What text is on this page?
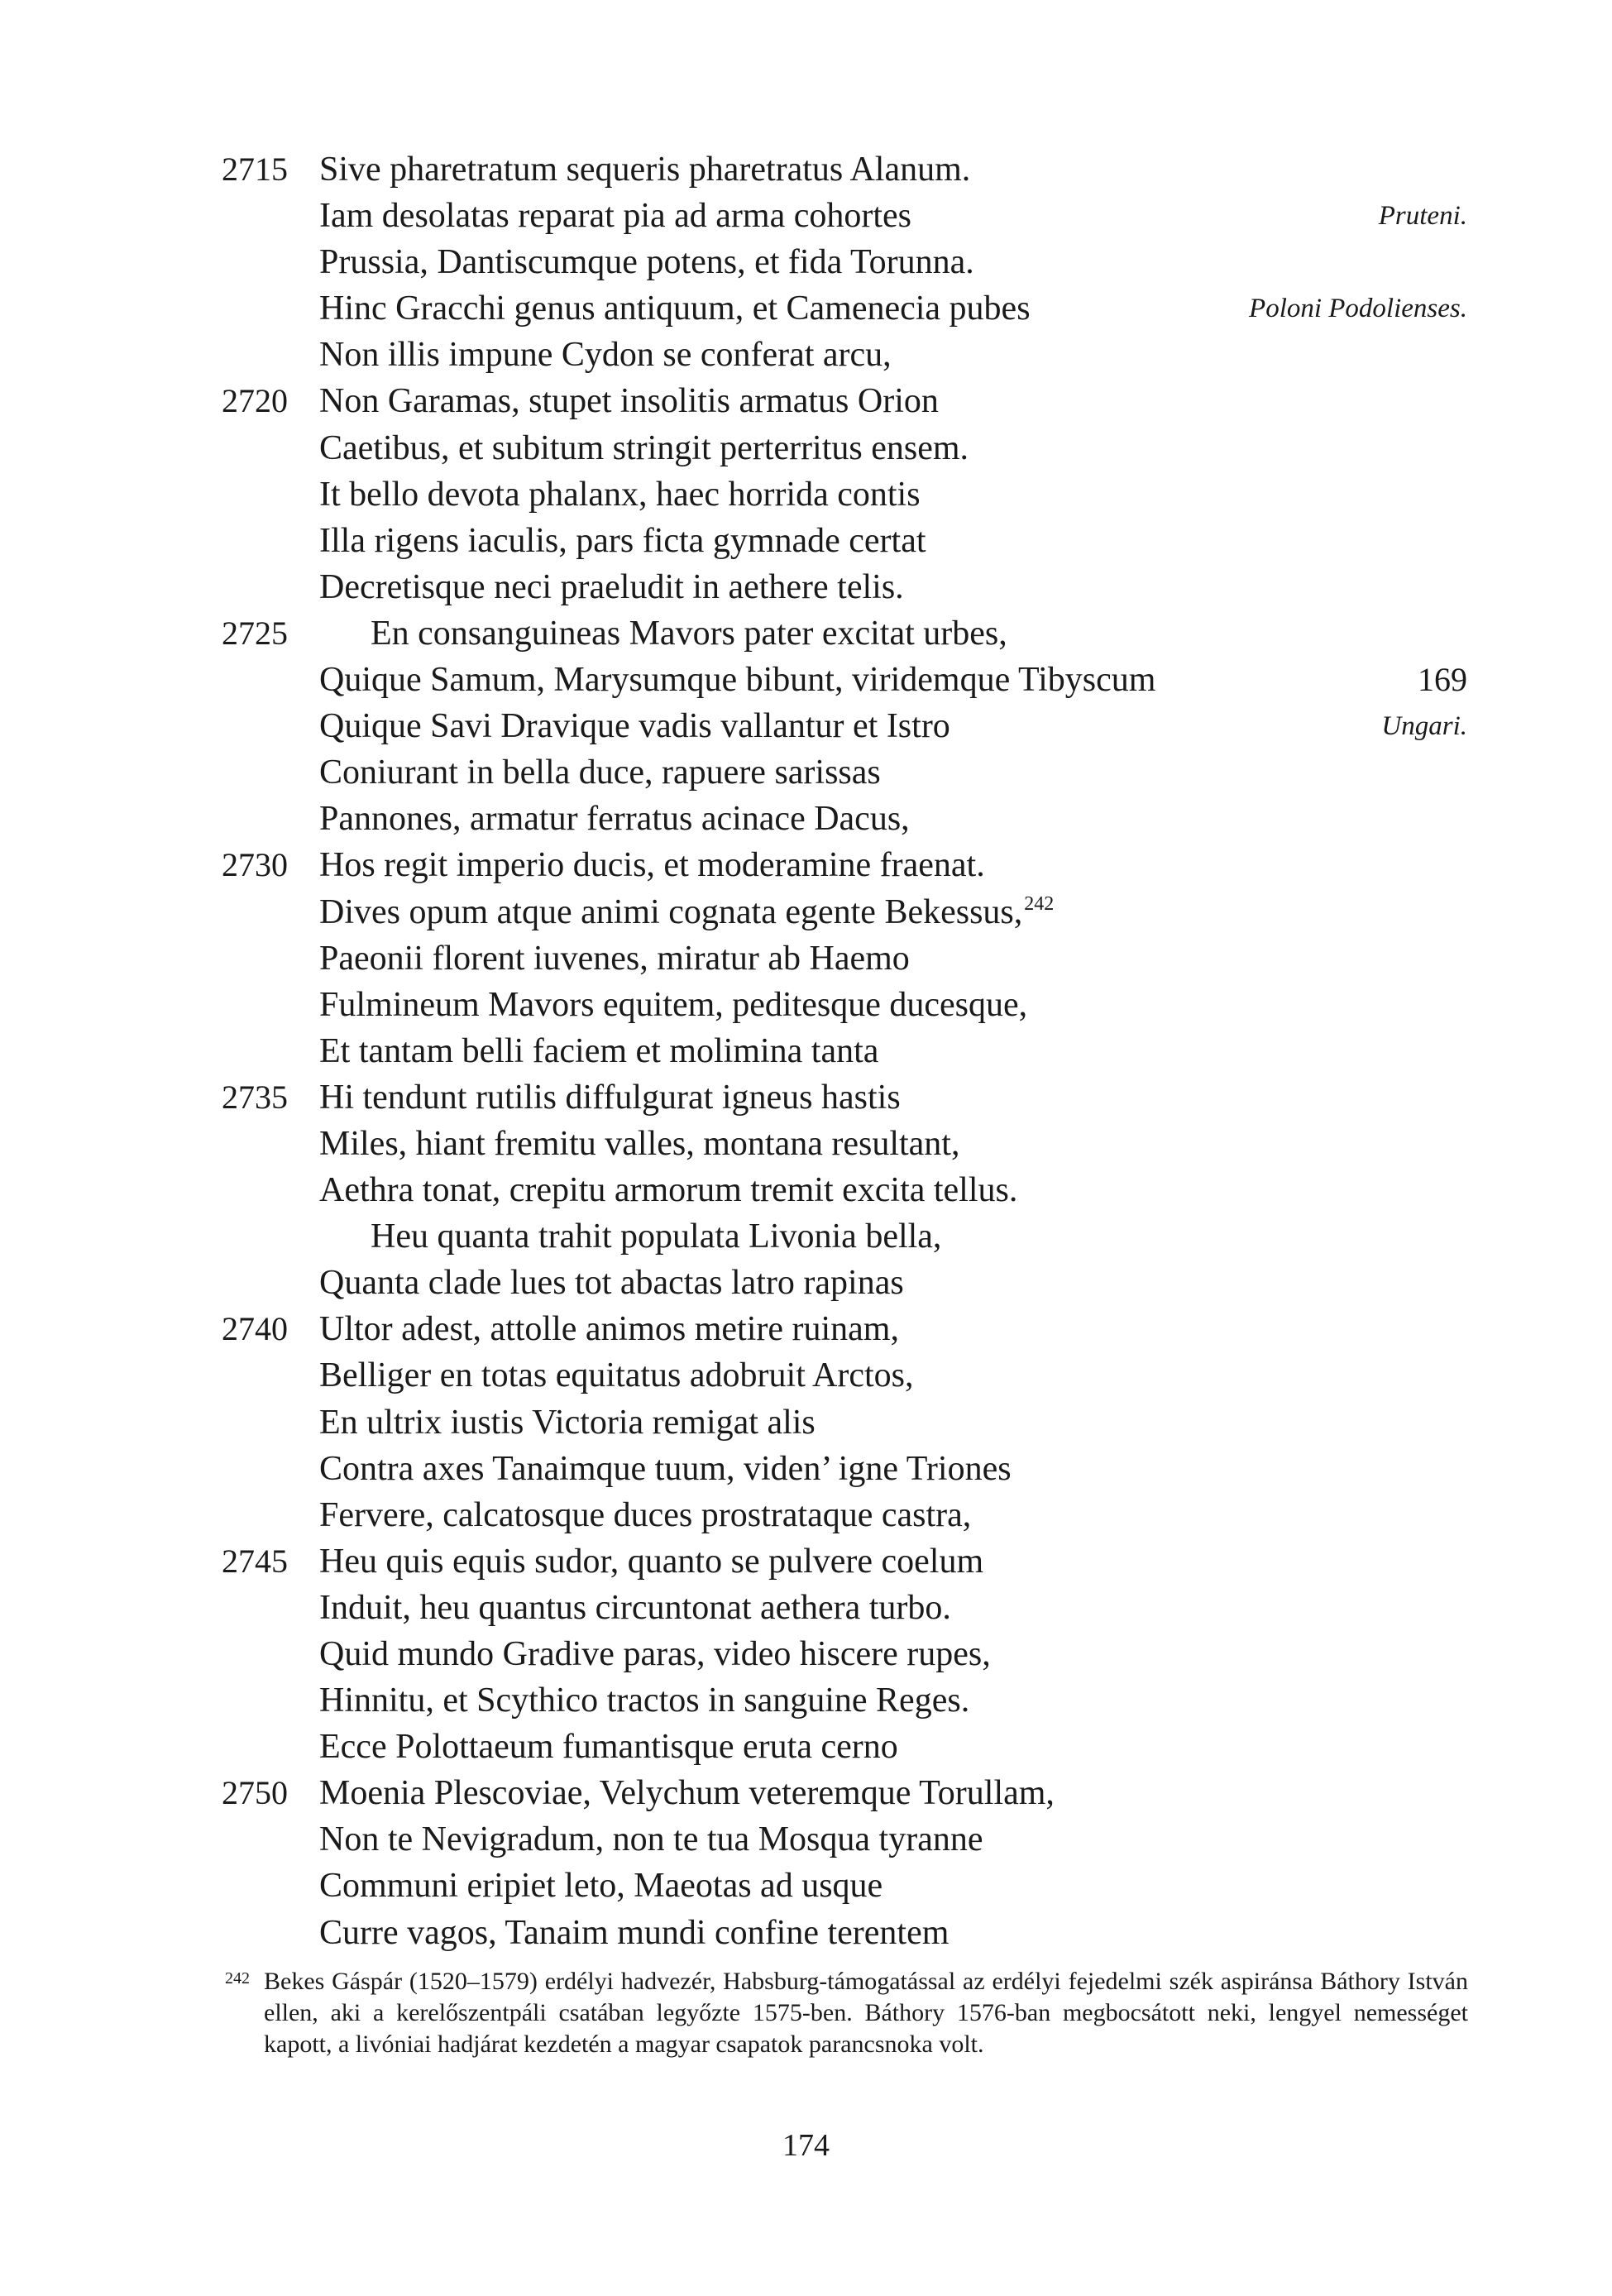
2715 Sive pharetratum sequeris pharetratus Alanum.
Iam desolatas reparat pia ad arma cohortes	Pruteni.
Prussia, Dantiscumque potens, et fida Torunna.
Hinc Gracchi genus antiquum, et Camenecia pubes	Poloni Podolienses.
Non illis impune Cydon se conferat arcu,
2720 Non Garamas, stupet insolitis armatus Orion
Caetibus, et subitum stringit perterritus ensem.
It bello devota phalanx, haec horrida contis
Illa rigens iaculis, pars ficta gymnade certat
Decretisque neci praeludit in aethere telis.
2725 En consanguineas Mavors pater excitat urbes,
Quique Samum, Marysumque bibunt, viridemque Tibyscum	169
Quique Savi Dravique vadis vallantur et Istro	Ungari.
Coniurant in bella duce, rapuere sarissas
Pannones, armatur ferratus acinace Dacus,
2730 Hos regit imperio ducis, et moderamine fraenat.
Dives opum atque animi cognata egente Bekessus,$^{242}$
Paeonii florent iuvenes, miratur ab Haemo
Fulmineum Mavors equitem, peditesque ducesque,
Et tantam belli faciem et molimina tanta
2735 Hi tendunt rutilis diffulgurat igneus hastis
Miles, hiant fremitu valles, montana resultant,
Aethra tonat, crepitu armorum tremit excita tellus.
Heu quanta trahit populata Livonia bella,
Quanta clade lues tot abactas latro rapinas
2740 Ultor adest, attolle animos metire ruinam,
Belliger en totas equitatus adobruit Arctos,
En ultrix iustis Victoria remigat alis
Contra axes Tanaimque tuum, viden’ igne Triones
Fervere, calcatosque duces prostrataque castra,
2745 Heu quis equis sudor, quanto se pulvere coelum
Induit, heu quantus circuntonat aethera turbo.
Quid mundo Gradive paras, video hiscere rupes,
Hinnitu, et Scythico tractos in sanguine Reges.
Ecce Polottaeum fumantisque eruta cerno
2750 Moenia Plescoviae, Velychum veteremque Torullam,
Non te Nevigradum, non te tua Mosqua tyranne
Communi eripiet leto, Maeotas ad usque
Curre vagos, Tanaim mundi confine terentem
242 Bekes Gáspár (1520–1579) erdélyi hadvezér, Habsburg-támogatással az erdélyi fejedelmi szék aspiránsa Báthory István ellen, aki a kerelőszentpáli csatában legyőzte 1575-ben. Báthory 1576-ban megbocsátott neki, lengyel nemességet kapott, a livóniai hadjárat kezdetén a magyar csapatok parancsnoka volt.
174
